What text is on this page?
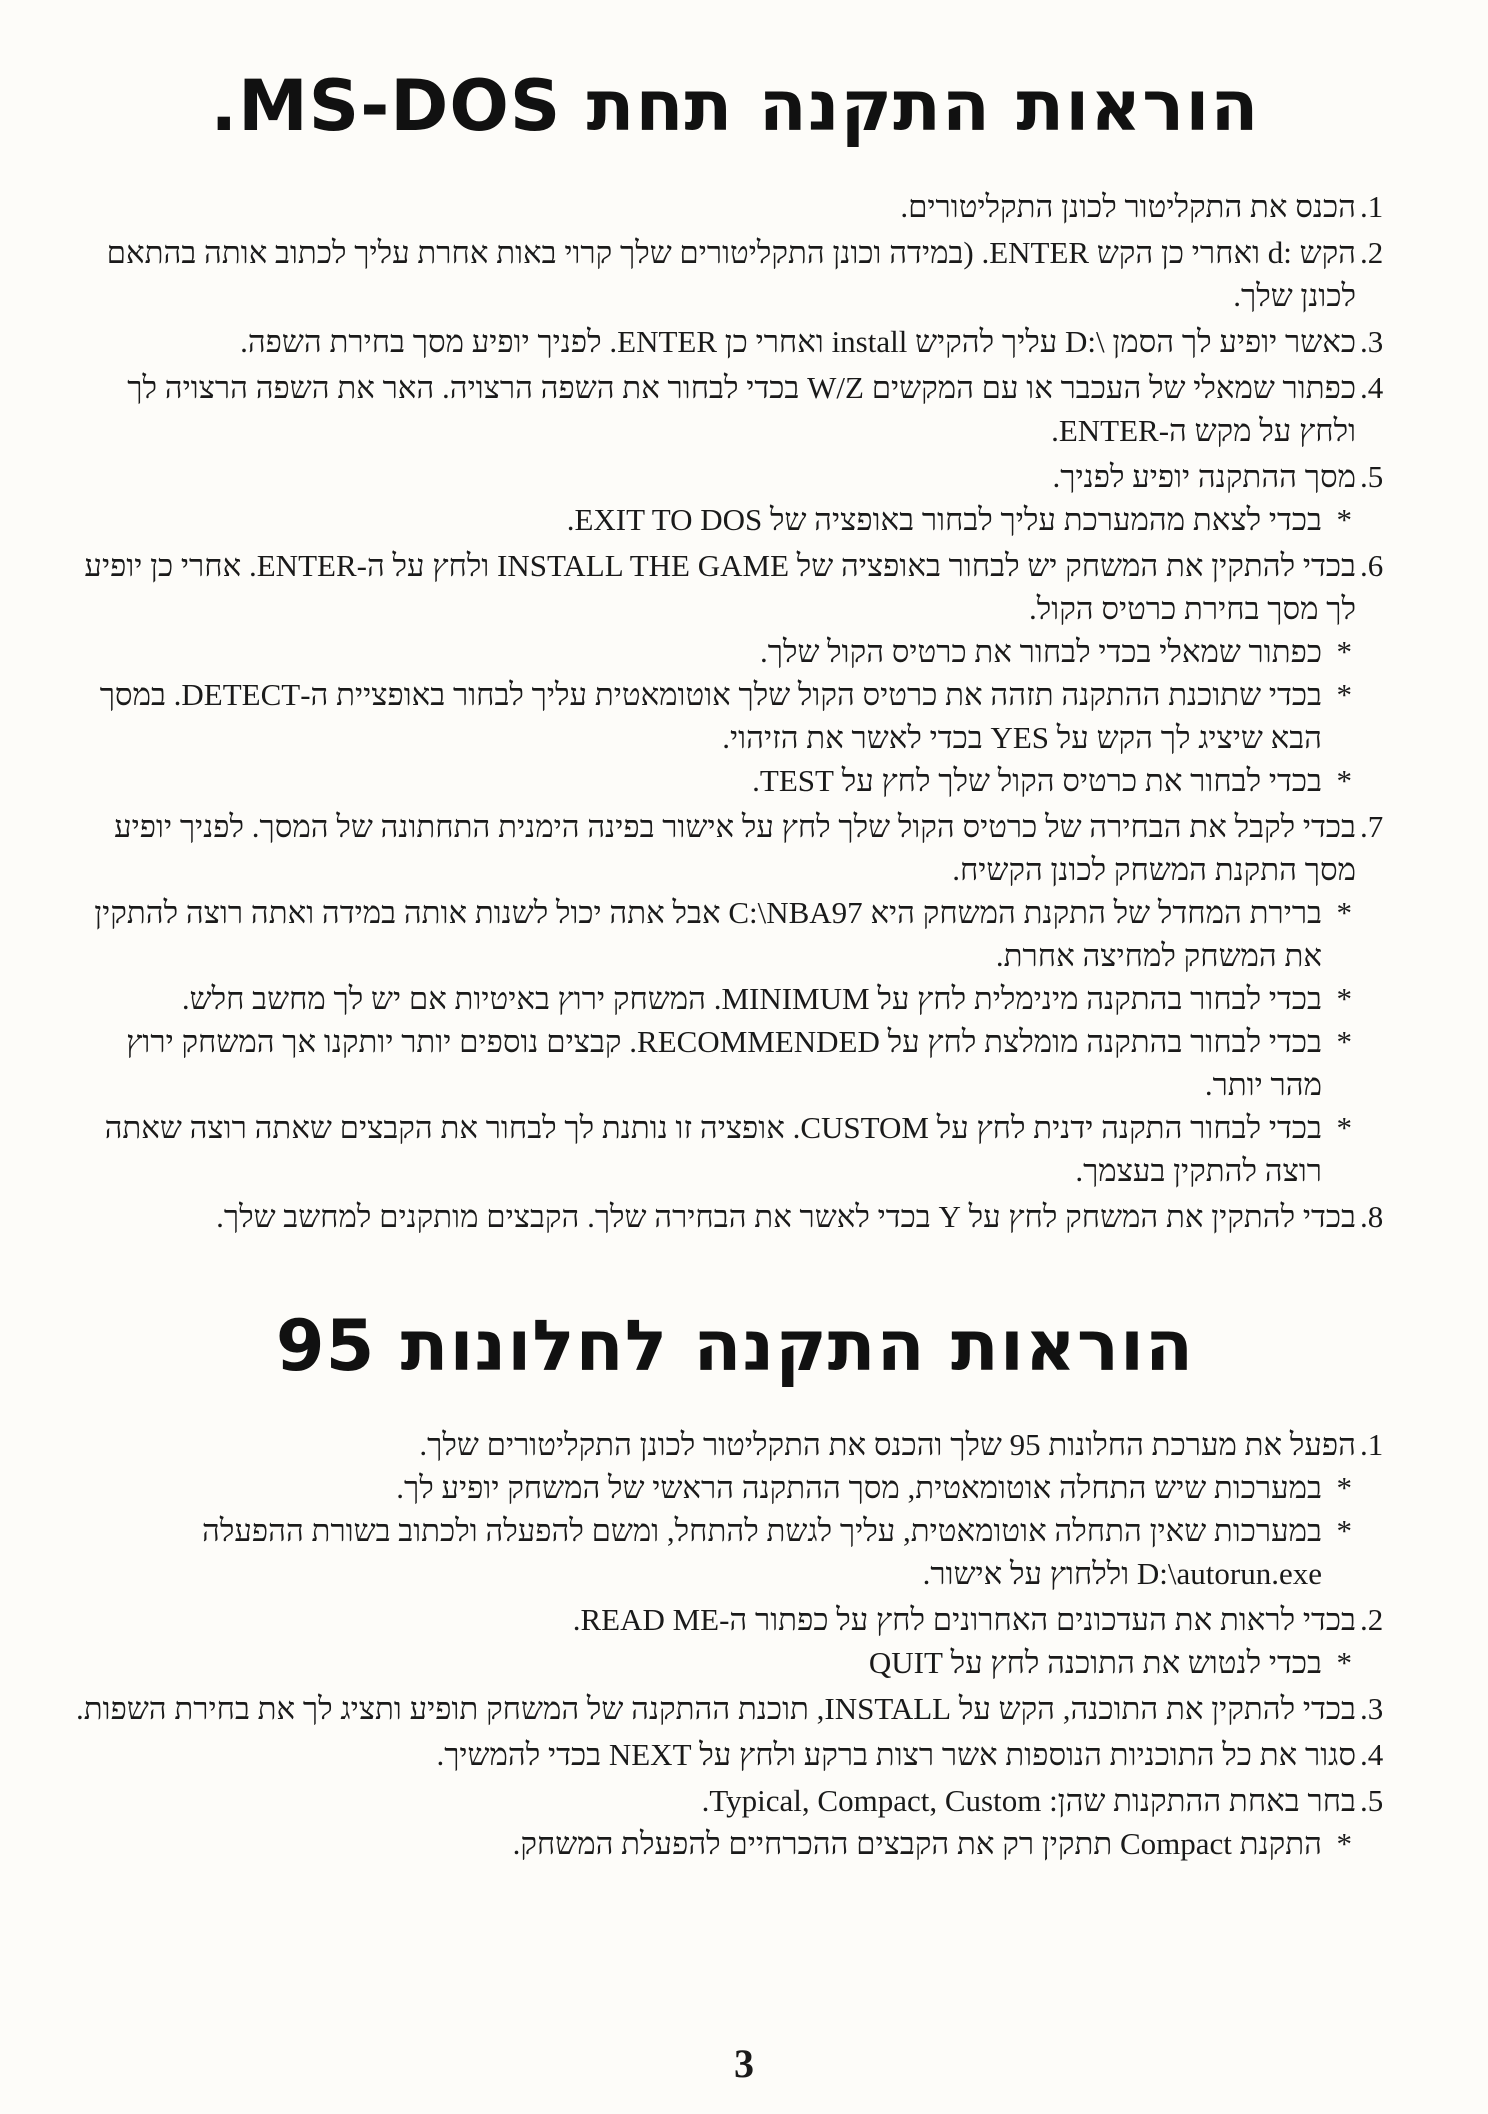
הוראות התקנה תחת MS-DOS.
1.
הכנס את התקליטור לכונן התקליטורים.
2.
הקש :d ואחרי כן הקש ENTER. (במידה וכונן התקליטורים שלך קרוי באות אחרת עליך לכתוב אותה בהתאם לכונן שלך.
3.
כאשר יופיע לך הסמן \:D עליך להקיש install ואחרי כן ENTER. לפניך יופיע מסך בחירת השפה.
4.
כפתור שמאלי של העכבר או עם המקשים W/Z בכדי לבחור את השפה הרצויה. האר את השפה הרצויה לך ולחץ על מקש ה-ENTER.
5.
מסך ההתקנה יופיע לפניך.
*
בכדי לצאת מהמערכת עליך לבחור באופציה של EXIT TO DOS.
6.
בכדי להתקין את המשחק יש לבחור באופציה של INSTALL THE GAME ולחץ על ה-ENTER. אחרי כן יופיע לך מסך בחירת כרטיס הקול.
*
כפתור שמאלי בכדי לבחור את כרטיס הקול שלך.
*
בכדי שתוכנת ההתקנה תזהה את כרטיס הקול שלך אוטומאטית עליך לבחור באופציית ה-DETECT. במסך הבא שיציג לך הקש על YES בכדי לאשר את הזיהוי.
*
בכדי לבחור את כרטיס הקול שלך לחץ על TEST.
7.
בכדי לקבל את הבחירה של כרטיס הקול שלך לחץ על אישור בפינה הימנית התחתונה של המסך. לפניך יופיע מסך התקנת המשחק לכונן הקשיח.
*
ברירת המחדל של התקנת המשחק היא C:\NBA97 אבל אתה יכול לשנות אותה במידה ואתה רוצה להתקין את המשחק למחיצה אחרת.
*
בכדי לבחור בהתקנה מינימלית לחץ על MINIMUM. המשחק ירוץ באיטיות אם יש לך מחשב חלש.
*
בכדי לבחור בהתקנה מומלצת לחץ על RECOMMENDED. קבצים נוספים יותר יותקנו אך המשחק ירוץ מהר יותר.
*
בכדי לבחור התקנה ידנית לחץ על CUSTOM. אופציה זו נותנת לך לבחור את הקבצים שאתה רוצה שאתה רוצה להתקין בעצמך.
8.
בכדי להתקין את המשחק לחץ על Y בכדי לאשר את הבחירה שלך. הקבצים מותקנים למחשב שלך.
הוראות התקנה לחלונות 95
1.
הפעל את מערכת החלונות 95 שלך והכנס את התקליטור לכונן התקליטורים שלך.
*
במערכות שיש התחלה אוטומאטית, מסך ההתקנה הראשי של המשחק יופיע לך.
*
במערכות שאין התחלה אוטומאטית, עליך לגשת להתחל, ומשם להפעלה ולכתוב בשורת ההפעלה D:\autorun.exe וללחוץ על אישור.
2.
בכדי לראות את העדכונים האחרונים לחץ על כפתור ה-READ ME.
*
בכדי לנטוש את התוכנה לחץ על QUIT
3.
בכדי להתקין את התוכנה, הקש על INSTALL, תוכנת ההתקנה של המשחק תופיע ותציג לך את בחירת השפות.
4.
סגור את כל התוכניות הנוספות אשר רצות ברקע ולחץ על NEXT בכדי להמשיך.
5.
בחר באחת ההתקנות שהן: Typical, Compact, Custom.
*
התקנת Compact תתקין רק את הקבצים ההכרחיים להפעלת המשחק.
3
